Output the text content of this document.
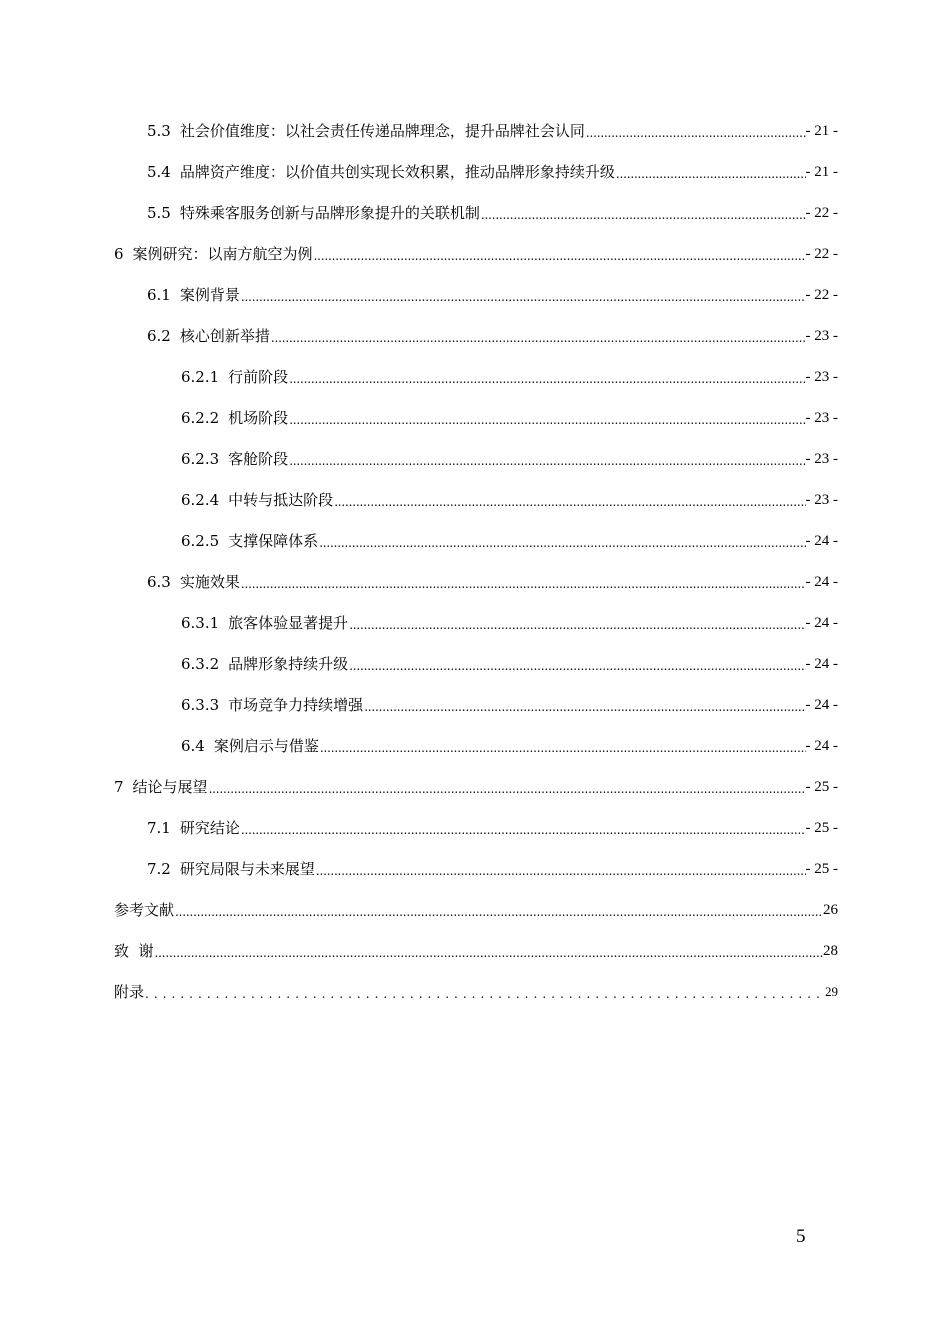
5.3 社会价值维度：以社会责任传递品牌理念，提升品牌社会认同 .....	- 21 -
5.4 品牌资产维度：以价值共创实现长效积累，推动品牌形象持续升级 .....	- 21 -
5.5 特殊乘客服务创新与品牌形象提升的关联机制 .....	- 22 -
6 案例研究：以南方航空为例 .....	- 22 -
6.1 案例背景 .....	- 22 -
6.2 核心创新举措 .....	- 23 -
6.2.1 行前阶段 .....	- 23 -
6.2.2 机场阶段 .....	- 23 -
6.2.3 客舱阶段 .....	- 23 -
6.2.4 中转与抵达阶段 .....	- 23 -
6.2.5 支撑保障体系 .....	- 24 -
6.3 实施效果 .....	- 24 -
6.3.1 旅客体验显著提升 .....	- 24 -
6.3.2 品牌形象持续升级 .....	- 24 -
6.3.3 市场竞争力持续增强 .....	- 24 -
6.4 案例启示与借鉴 .....	- 24 -
7 结论与展望 .....	- 25 -
7.1 研究结论 .....	- 25 -
7.2 研究局限与未来展望 .....	- 25 -
参考文献 .....	26
致  谢 .....	28
附录 . . .	29
5
